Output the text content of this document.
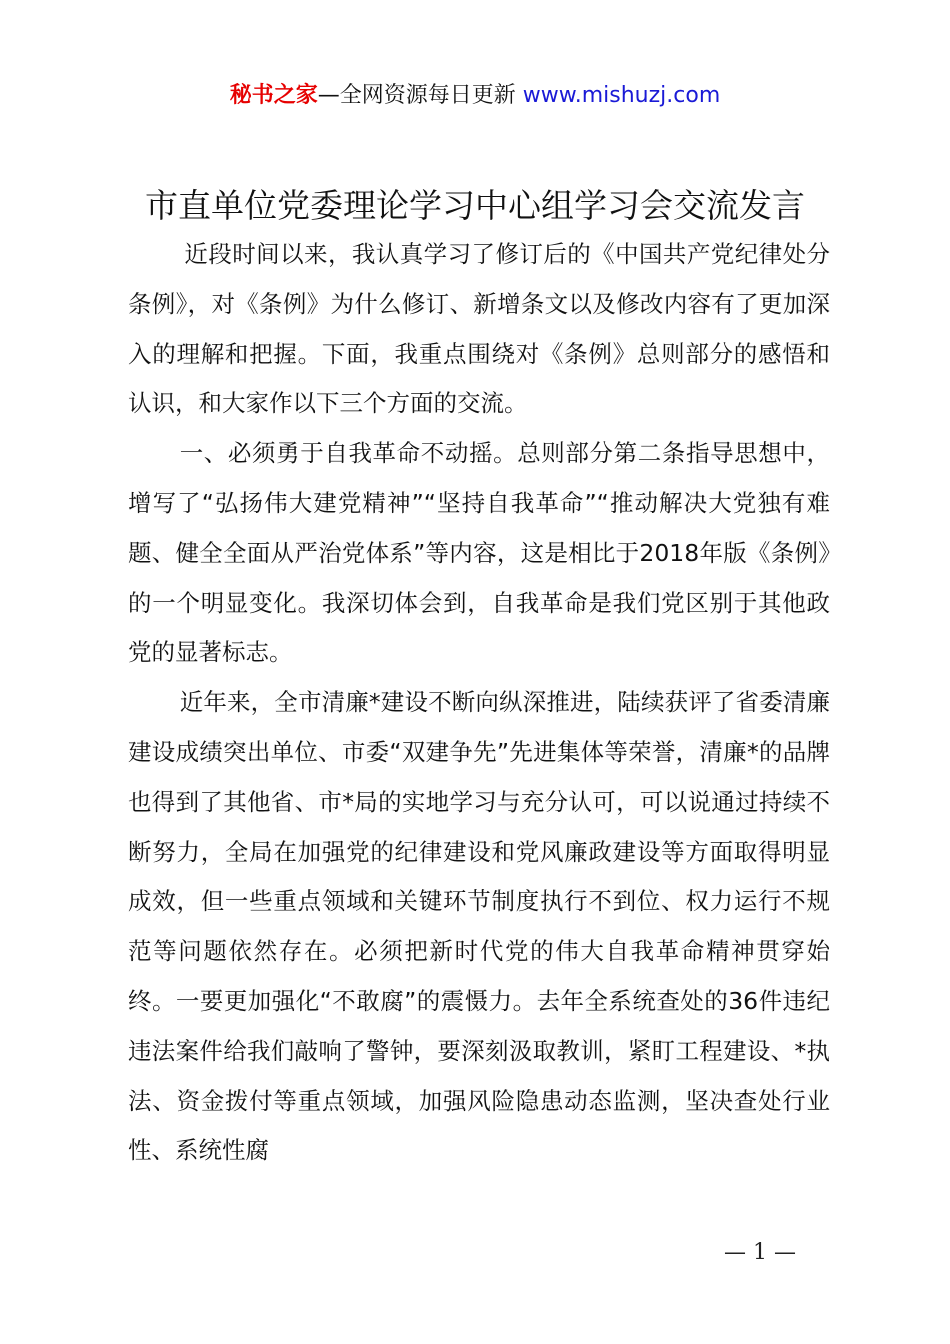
秘书之家—全网资源每日更新 www.mishuzj.com
市直单位党委理论学习中心组学习会交流发言

近段时间以来，我认真学习了修订后的《中国共产党纪律处分条例》，对《条例》为什么修订、新增条文以及修改内容有了更加深入的理解和把握。下面，我重点围绕对《条例》总则部分的感悟和认识，和大家作以下三个方面的交流。

一、必须勇于自我革命不动摇。总则部分第二条指导思想中，增写了“弘扬伟大建党精神”“坚持自我革命”“推动解决大党独有难题、健全全面从严治党体系”等内容，这是相比于2018年版《条例》的一个明显变化。我深切体会到，自我革命是我们党区别于其他政党的显著标志。

近年来，全市清廉*建设不断向纵深推进，陆续获评了省委清廉建设成绩突出单位、市委“双建争先”先进集体等荣誉，清廉*的品牌也得到了其他省、市*局的实地学习与充分认可，可以说通过持续不断努力，全局在加强党的纪律建设和党风廉政建设等方面取得明显成效，但一些重点领域和关键环节制度执行不到位、权力运行不规范等问题依然存在。必须把新时代党的伟大自我革命精神贯穿始终。一要更加强化“不敢腐”的震慑力。去年全系统查处的36件违纪违法案件给我们敲响了警钟，要深刻汲取教训，紧盯工程建设、*执法、资金拨付等重点领域，加强风险隐患动态监测，坚决查处行业性、系统性腐

— 1 —
